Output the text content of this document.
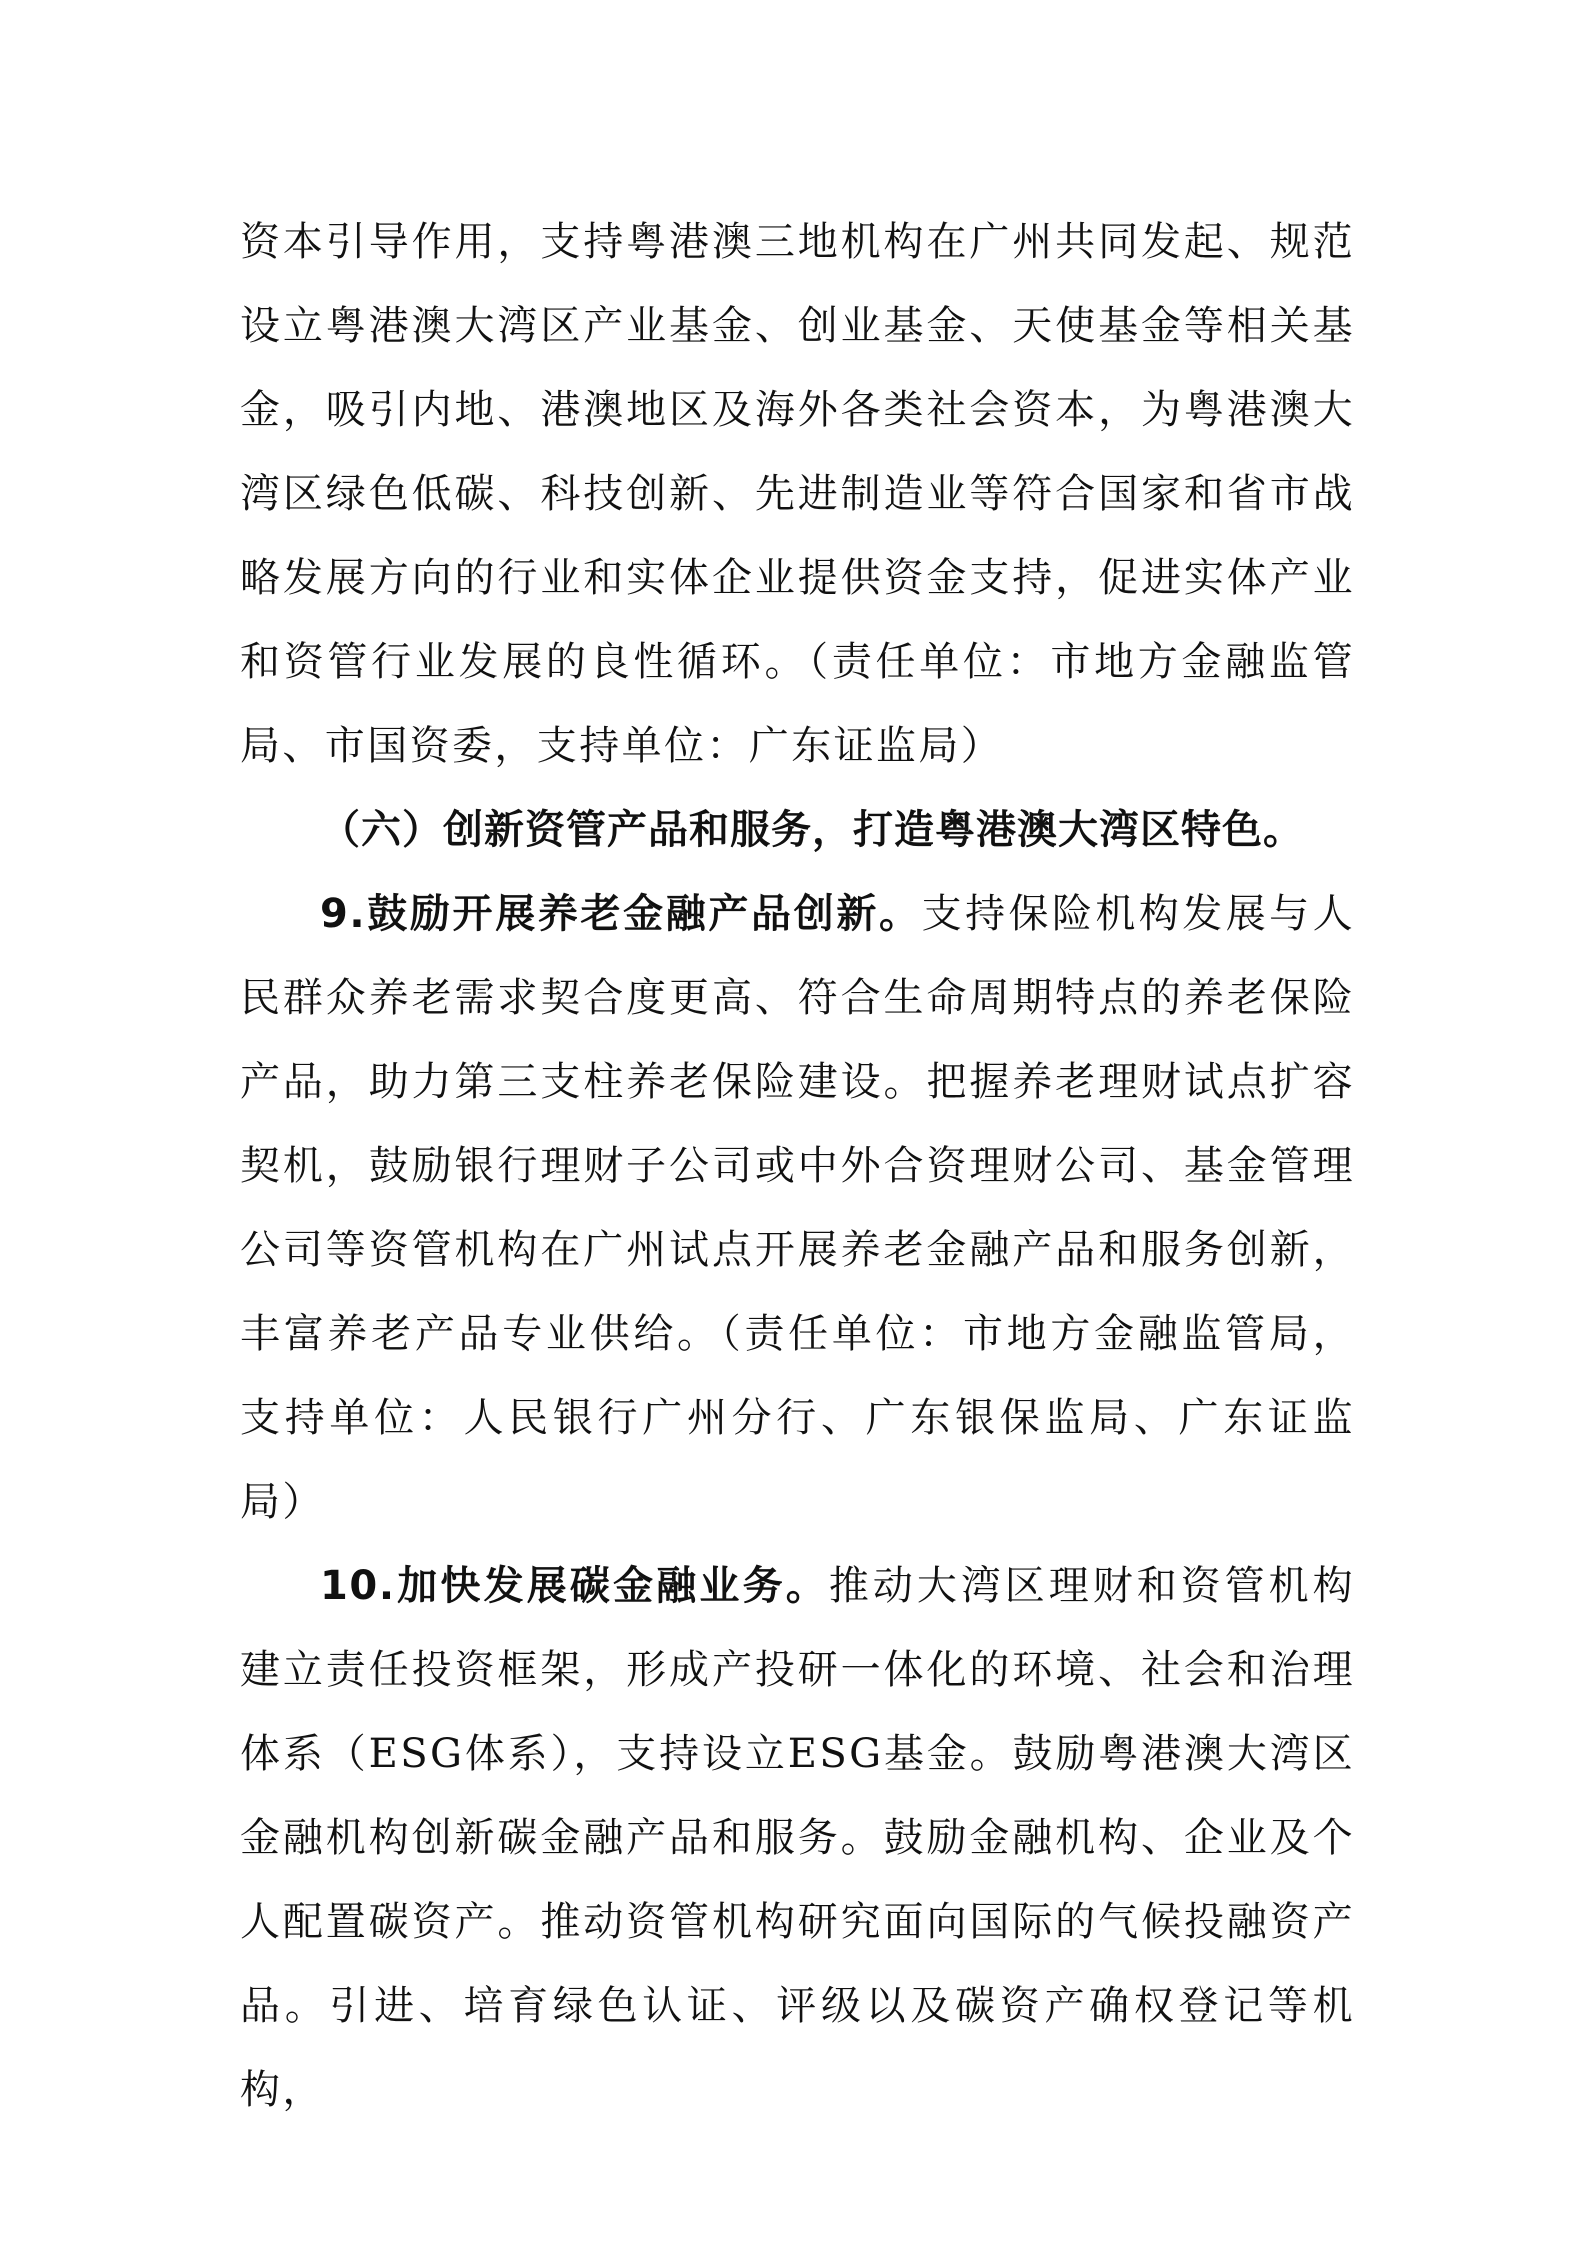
资本引导作用，支持粤港澳三地机构在广州共同发起、规范设立粤港澳大湾区产业基金、创业基金、天使基金等相关基金，吸引内地、港澳地区及海外各类社会资本，为粤港澳大湾区绿色低碳、科技创新、先进制造业等符合国家和省市战略发展方向的行业和实体企业提供资金支持，促进实体产业和资管行业发展的良性循环。（责任单位：市地方金融监管局、市国资委，支持单位：广东证监局）

（六）创新资管产品和服务，打造粤港澳大湾区特色。

9.鼓励开展养老金融产品创新。支持保险机构发展与人民群众养老需求契合度更高、符合生命周期特点的养老保险产品，助力第三支柱养老保险建设。把握养老理财试点扩容契机，鼓励银行理财子公司或中外合资理财公司、基金管理公司等资管机构在广州试点开展养老金融产品和服务创新，丰富养老产品专业供给。（责任单位：市地方金融监管局，支持单位：人民银行广州分行、广东银保监局、广东证监局）

10.加快发展碳金融业务。推动大湾区理财和资管机构建立责任投资框架，形成产投研一体化的环境、社会和治理体系（ESG体系），支持设立ESG基金。鼓励粤港澳大湾区金融机构创新碳金融产品和服务。鼓励金融机构、企业及个人配置碳资产。推动资管机构研究面向国际的气候投融资产品。引进、培育绿色认证、评级以及碳资产确权登记等机构，
